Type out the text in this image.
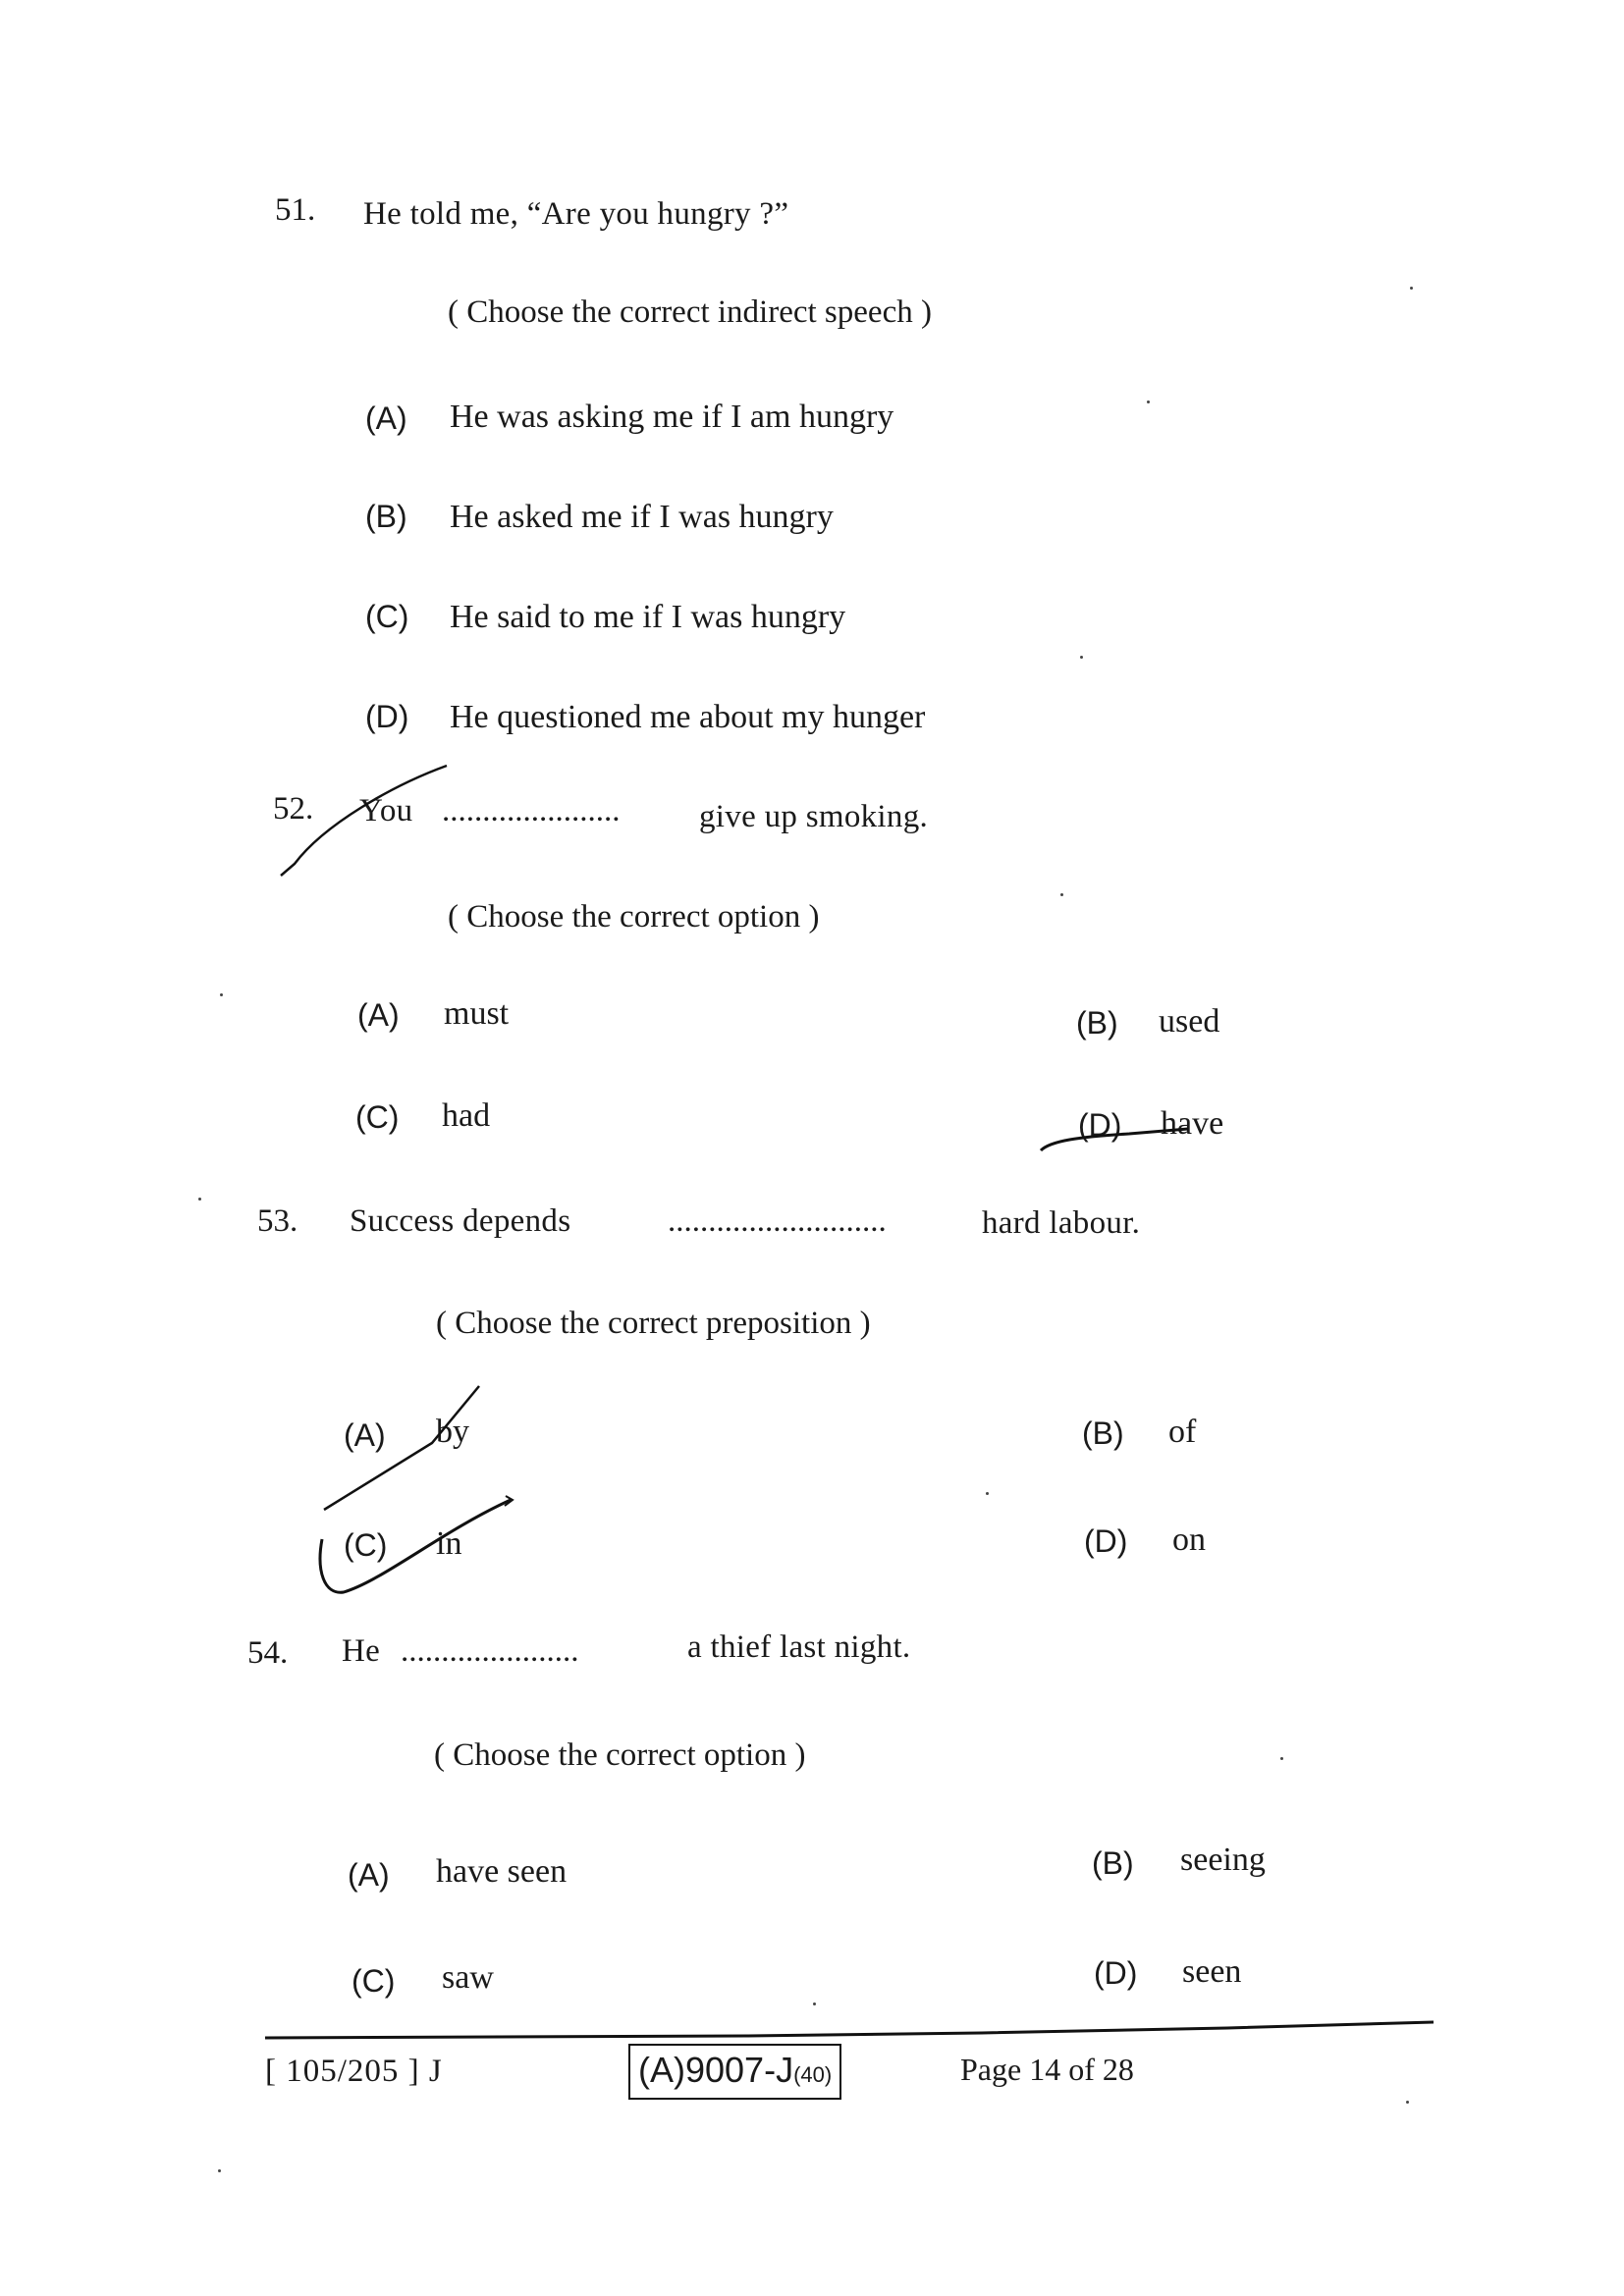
51. He told me, “Are you hungry ?”
( Choose the correct indirect speech )
(A) He was asking me if I am hungry
(B) He asked me if I was hungry
(C) He said to me if I was hungry
(D) He questioned me about my hunger
52. You ...................... give up smoking.
( Choose the correct option )
(A) must	(B) used
(C) had	(D) have
53. Success depends	...........................	hard labour.
( Choose the correct preposition )
(A) by	(B) of
(C) in	(D) on
54. He ......................	a thief last night.
( Choose the correct option )
(A) have seen	(B) seeing
(C) saw	(D) seen
[ 105/205 ] J	(A)9007-J(40)	Page 14 of 28
